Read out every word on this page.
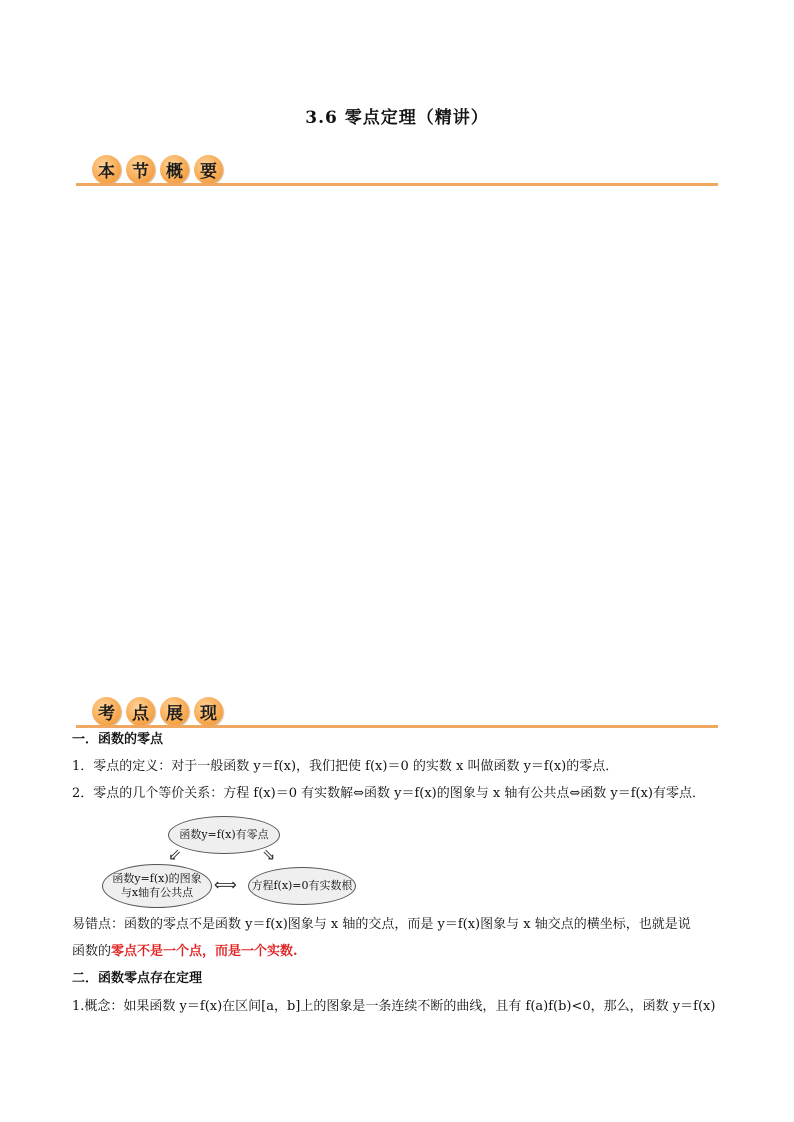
3.6 零点定理（精讲）
本	节	概	要
考	点	展	现
一．函数的零点
1．零点的定义：对于一般函数 y＝f(x)，我们把使 f(x)＝0 的实数 x 叫做函数 y＝f(x)的零点．
2．零点的几个等价关系：方程 f(x)＝0 有实数解⇔函数 y＝f(x)的图象与 x 轴有公共点⇔函数 y＝f(x)有零点．
函数y=f(x)有零点
函数y=f(x)的图象
与x轴有公共点
方程f(x)=0有实数根
⇙	⇘
⟺
易错点：函数的零点不是函数 y＝f(x)图象与 x 轴的交点，而是 y＝f(x)图象与 x 轴交点的横坐标，也就是说
函数的零点不是一个点，而是一个实数.
二．函数零点存在定理
1.概念：如果函数 y＝f(x)在区间[a，b]上的图象是一条连续不断的曲线，且有 f(a)f(b)<0，那么，函数 y＝f(x)
